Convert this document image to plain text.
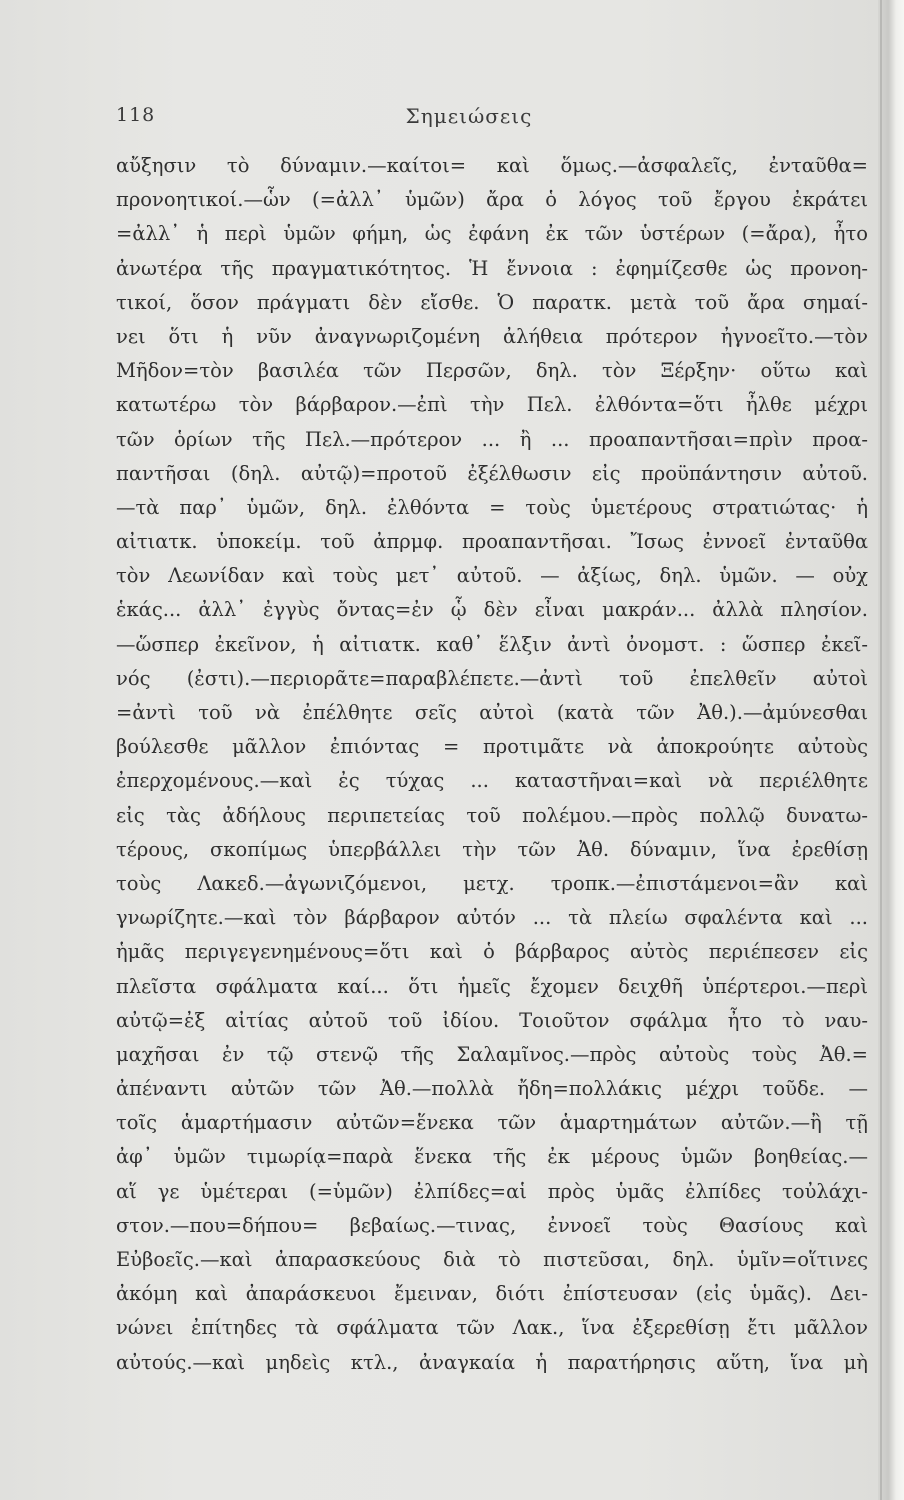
118	Σημειώσεις
αὔξησιν τὸ δύναμιν.—καίτοι= καὶ ὅμως.—ἀσφαλεῖς, ἐνταῦθα=
προνοητικοί.—ὧν (=ἀλλ᾽ ὑμῶν) ἄρα ὁ λόγος τοῦ ἔργου ἐκράτει
=ἀλλ᾽ ἡ περὶ ὑμῶν φήμη, ὡς ἐφάνη ἐκ τῶν ὑστέρων (=ἄρα), ἦτο
ἀνωτέρα τῆς πραγματικότητος. Ἡ ἔννοια : ἐφημίζεσθε ὡς προνοη-
τικοί, ὅσον πράγματι δὲν εἴσθε. Ὁ παρατκ. μετὰ τοῦ ἄρα σημαί-
νει ὅτι ἡ νῦν ἀναγνωριζομένη ἀλήθεια πρότερον ἠγνοεῖτο.—τὸν
Μῆδον=τὸν βασιλέα τῶν Περσῶν, δηλ. τὸν Ξέρξην· οὕτω καὶ
κατωτέρω τὸν βάρβαρον.—ἐπὶ τὴν Πελ. ἐλθόντα=ὅτι ἦλθε μέχρι
τῶν ὁρίων τῆς Πελ.—πρότερον ... ἢ ... προαπαντῆσαι=πρὶν προα-
παντῆσαι (δηλ. αὐτῷ)=προτοῦ ἐξέλθωσιν εἰς προϋπάντησιν αὐτοῦ.
—τὰ παρ᾽ ὑμῶν, δηλ. ἐλθόντα = τοὺς ὑμετέρους στρατιώτας· ἡ
αἰτιατκ. ὑποκείμ. τοῦ ἀπρμφ. προαπαντῆσαι. Ἴσως ἐννοεῖ ἐνταῦθα
τὸν Λεωνίδαν καὶ τοὺς μετ᾽ αὐτοῦ. — ἀξίως, δηλ. ὑμῶν. — οὐχ
ἑκάς... ἀλλ᾽ ἐγγὺς ὄντας=ἐν ᾧ δὲν εἶναι μακράν... ἀλλὰ πλησίον.
—ὥσπερ ἐκεῖνον, ἡ αἰτιατκ. καθ᾽ ἕλξιν ἀντὶ ὀνομστ. : ὥσπερ ἐκεῖ-
νός (ἐστι).—περιορᾶτε=παραβλέπετε.—ἀντὶ τοῦ ἐπελθεῖν αὐτοὶ
=ἀντὶ τοῦ νὰ ἐπέλθητε σεῖς αὐτοὶ (κατὰ τῶν Ἀθ.).—ἀμύνεσθαι
βούλεσθε μᾶλλον ἐπιόντας = προτιμᾶτε νὰ ἀποκρούητε αὐτοὺς
ἐπερχομένους.—καὶ ἐς τύχας ... καταστῆναι=καὶ νὰ περιέλθητε
εἰς τὰς ἀδήλους περιπετείας τοῦ πολέμου.—πρὸς πολλῷ δυνατω-
τέρους, σκοπίμως ὑπερβάλλει τὴν τῶν Ἀθ. δύναμιν, ἵνα ἐρεθίσῃ
τοὺς Λακεδ.—ἀγωνιζόμενοι, μετχ. τροπκ.—ἐπιστάμενοι=ἂν καὶ
γνωρίζητε.—καὶ τὸν βάρβαρον αὐτόν ... τὰ πλείω σφαλέντα καὶ ...
ἡμᾶς περιγεγενημένους=ὅτι καὶ ὁ βάρβαρος αὐτὸς περιέπεσεν εἰς
πλεῖστα σφάλματα καί... ὅτι ἡμεῖς ἔχομεν δειχθῆ ὑπέρτεροι.—περὶ
αὐτῷ=ἐξ αἰτίας αὐτοῦ τοῦ ἰδίου. Τοιοῦτον σφάλμα ἦτο τὸ ναυ-
μαχῆσαι ἐν τῷ στενῷ τῆς Σαλαμῖνος.—πρὸς αὐτοὺς τοὺς Ἀθ.=
ἀπέναντι αὐτῶν τῶν Ἀθ.—πολλὰ ἤδη=πολλάκις μέχρι τοῦδε. —
τοῖς ἁμαρτήμασιν αὐτῶν=ἕνεκα τῶν ἁμαρτημάτων αὐτῶν.—ἢ τῇ
ἀφ᾽ ὑμῶν τιμωρίᾳ=παρὰ ἕνεκα τῆς ἐκ μέρους ὑμῶν βοηθείας.—
αἵ γε ὑμέτεραι (=ὑμῶν) ἐλπίδες=αἱ πρὸς ὑμᾶς ἐλπίδες τοὐλάχι-
στον.—που=δήπου= βεβαίως.—τινας, ἐννοεῖ τοὺς Θασίους καὶ
Εὐβοεῖς.—καὶ ἀπαρασκεύους διὰ τὸ πιστεῦσαι, δηλ. ὑμῖν=οἵτινες
ἀκόμη καὶ ἀπαράσκευοι ἔμειναν, διότι ἐπίστευσαν (εἰς ὑμᾶς). Δει-
νώνει ἐπίτηδες τὰ σφάλματα τῶν Λακ., ἵνα ἐξερεθίσῃ ἔτι μᾶλλον
αὐτούς.—καὶ μηδεὶς κτλ., ἀναγκαία ἡ παρατήρησις αὕτη, ἵνα μὴ
